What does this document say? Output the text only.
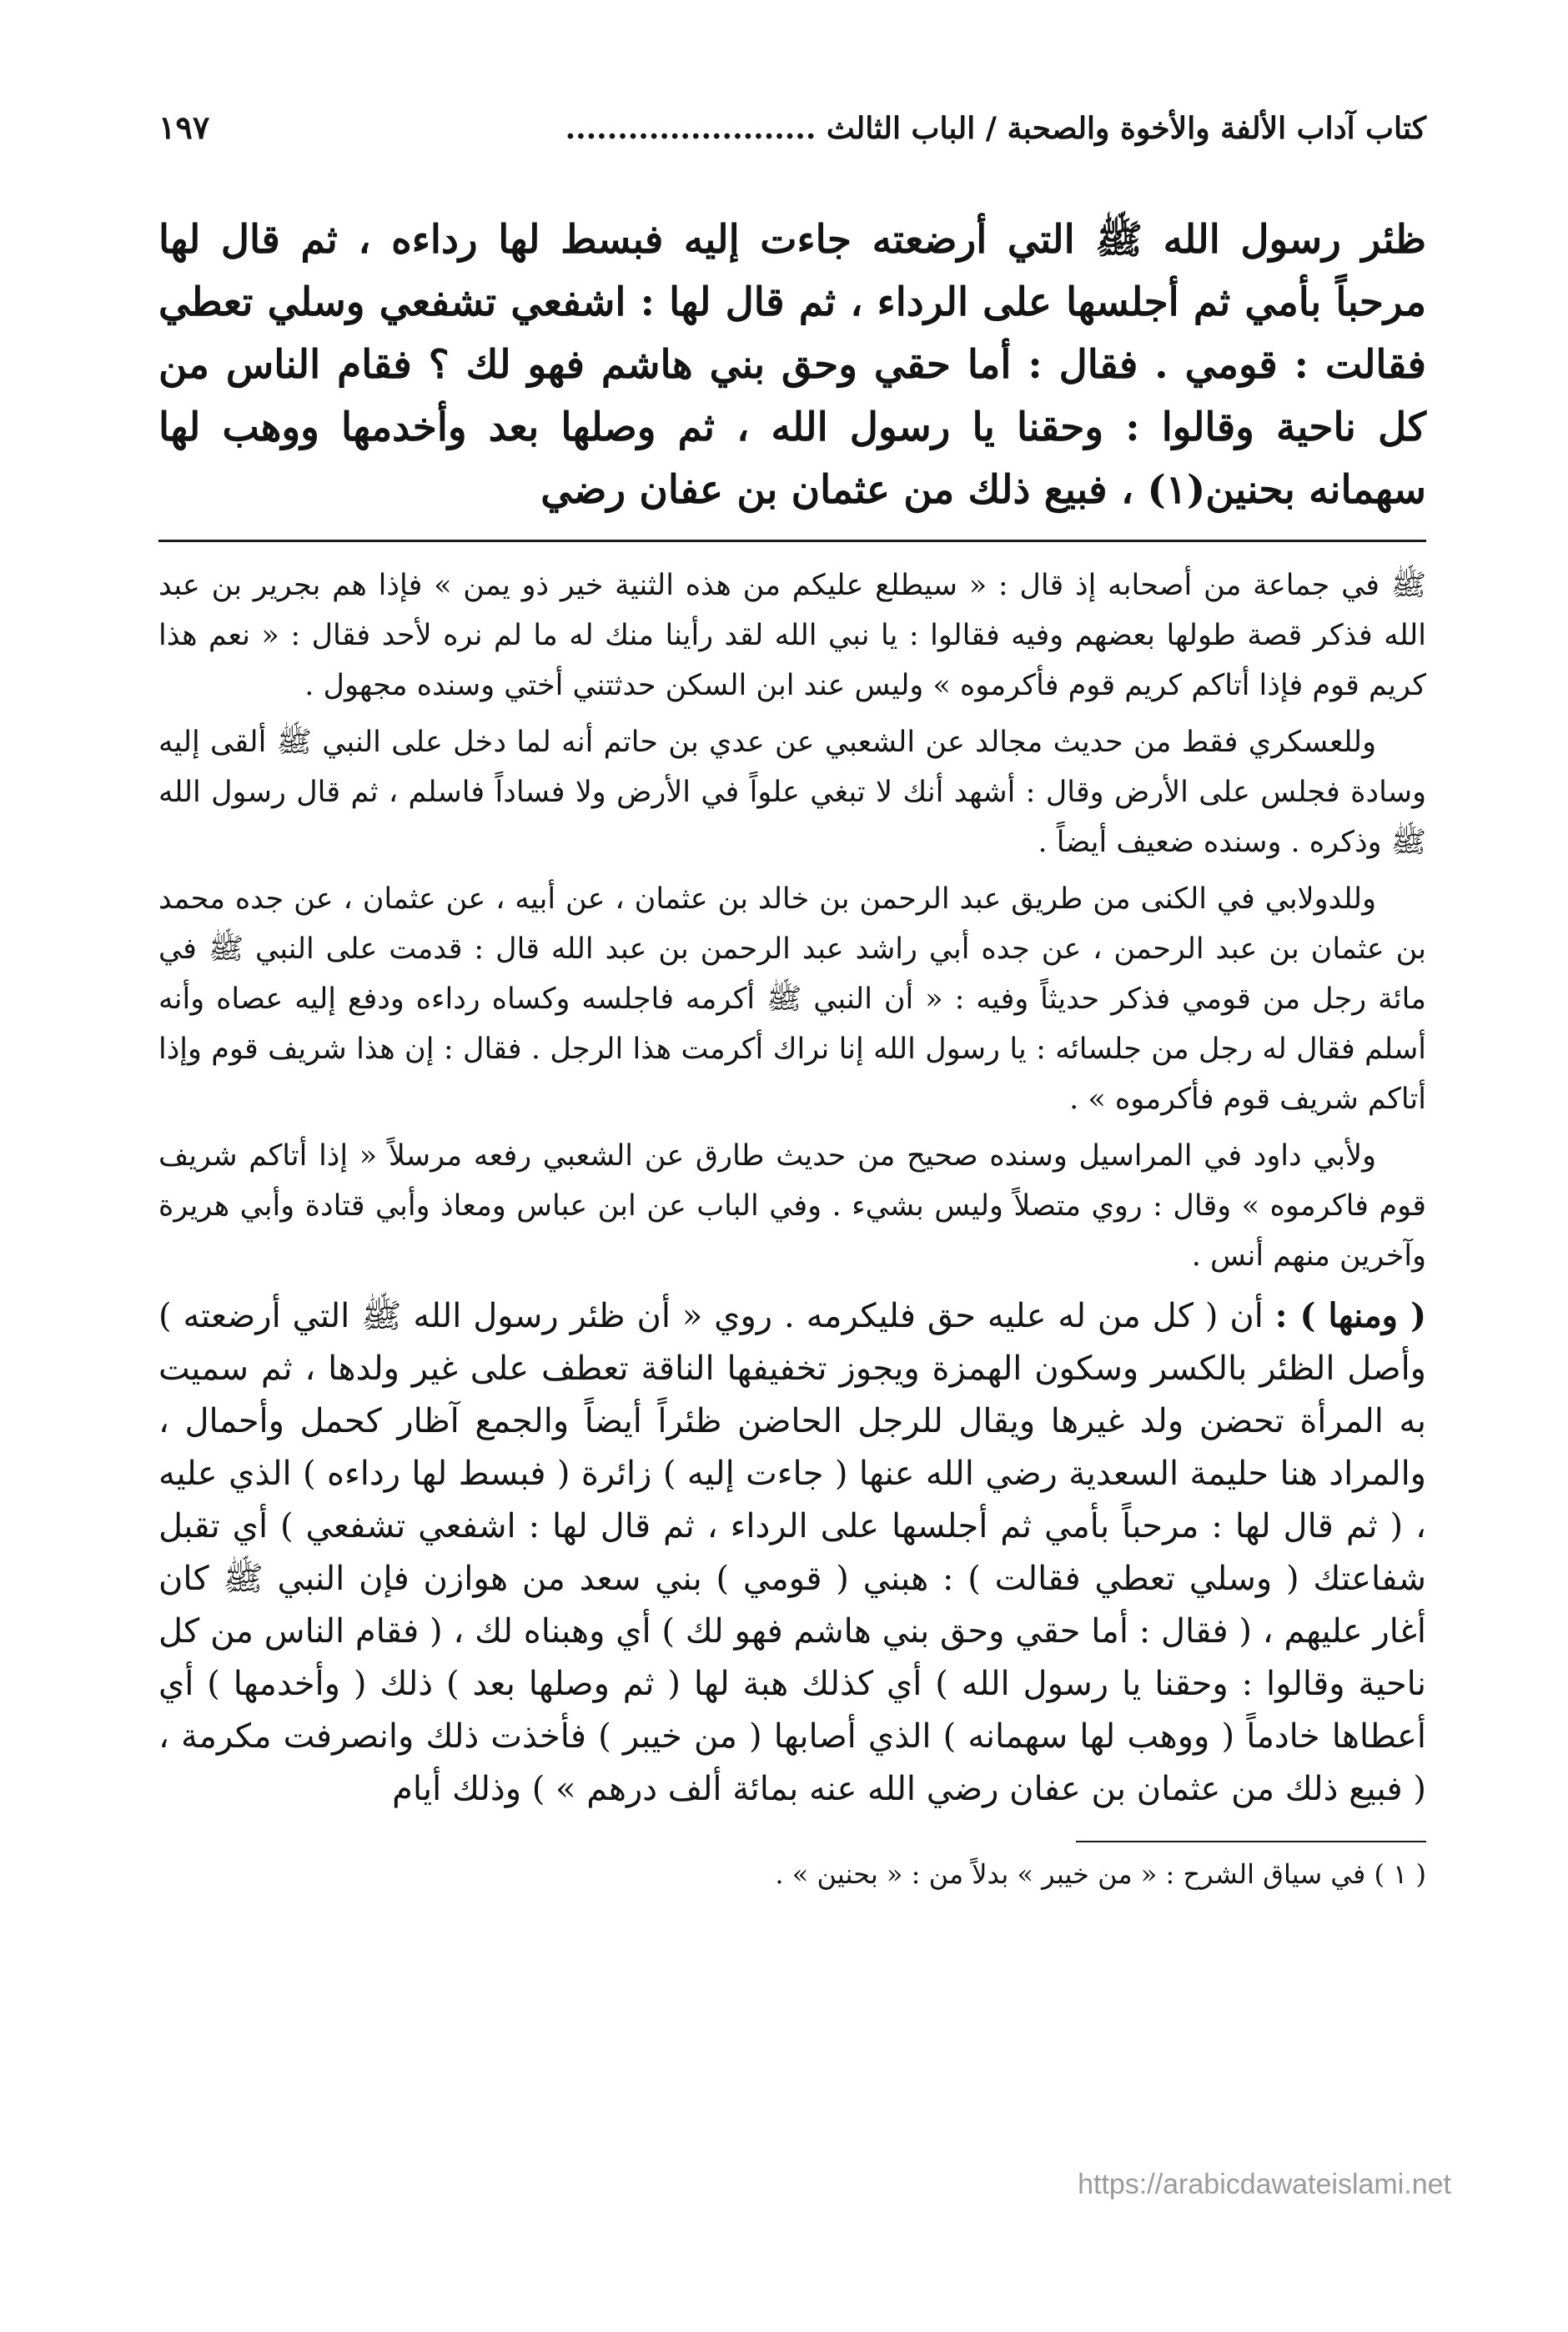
كتاب آداب الألفة والأخوة والصحبة / الباب الثالث ........................
١٩٧
ظئر رسول الله ﷺ التي أرضعته جاءت إليه فبسط لها رداءه ، ثم قال لها مرحباً بأمي ثم أجلسها على الرداء ، ثم قال لها : اشفعي تشفعي وسلي تعطي فقالت : قومي . فقال : أما حقي وحق بني هاشم فهو لك ؟ فقام الناس من كل ناحية وقالوا : وحقنا يا رسول الله ، ثم وصلها بعد وأخدمها ووهب لها سهمانه بحنين(١) ، فبيع ذلك من عثمان بن عفان رضي

ﷺ في جماعة من أصحابه إذ قال : « سيطلع عليكم من هذه الثنية خير ذو يمن » فإذا هم بجرير بن عبد الله فذكر قصة طولها بعضهم وفيه فقالوا : يا نبي الله لقد رأينا منك له ما لم نره لأحد فقال : « نعم هذا كريم قوم فإذا أتاكم كريم قوم فأكرموه » وليس عند ابن السكن حدثتني أختي وسنده مجهول .

وللعسكري فقط من حديث مجالد عن الشعبي عن عدي بن حاتم أنه لما دخل على النبي ﷺ ألقى إليه وسادة فجلس على الأرض وقال : أشهد أنك لا تبغي علواً في الأرض ولا فساداً فاسلم ، ثم قال رسول الله ﷺ وذكره . وسنده ضعيف أيضاً .

وللدولابي في الكنى من طريق عبد الرحمن بن خالد بن عثمان ، عن أبيه ، عن عثمان ، عن جده محمد بن عثمان بن عبد الرحمن ، عن جده أبي راشد عبد الرحمن بن عبد الله قال : قدمت على النبي ﷺ في مائة رجل من قومي فذكر حديثاً وفيه : « أن النبي ﷺ أكرمه فاجلسه وكساه رداءه ودفع إليه عصاه وأنه أسلم فقال له رجل من جلسائه : يا رسول الله إنا نراك أكرمت هذا الرجل . فقال : إن هذا شريف قوم وإذا أتاكم شريف قوم فأكرموه » .

ولأبي داود في المراسيل وسنده صحيح من حديث طارق عن الشعبي رفعه مرسلاً « إذا أتاكم شريف قوم فاكرموه » وقال : روي متصلاً وليس بشيء . وفي الباب عن ابن عباس ومعاذ وأبي قتادة وأبي هريرة وآخرين منهم أنس .

( ومنها ) : أن ( كل من له عليه حق فليكرمه . روي « أن ظئر رسول الله ﷺ التي أرضعته ) وأصل الظئر بالكسر وسكون الهمزة ويجوز تخفيفها الناقة تعطف على غير ولدها ، ثم سميت به المرأة تحضن ولد غيرها ويقال للرجل الحاضن ظئراً أيضاً والجمع آظار كحمل وأحمال ، والمراد هنا حليمة السعدية رضي الله عنها ( جاءت إليه ) زائرة ( فبسط لها رداءه ) الذي عليه ، ( ثم قال لها : مرحباً بأمي ثم أجلسها على الرداء ، ثم قال لها : اشفعي تشفعي ) أي تقبل شفاعتك ( وسلي تعطي فقالت ) : هبني ( قومي ) بني سعد من هوازن فإن النبي ﷺ كان أغار عليهم ، ( فقال : أما حقي وحق بني هاشم فهو لك ) أي وهبناه لك ، ( فقام الناس من كل ناحية وقالوا : وحقنا يا رسول الله ) أي كذلك هبة لها ( ثم وصلها بعد ) ذلك ( وأخدمها ) أي أعطاها خادماً ( ووهب لها سهمانه ) الذي أصابها ( من خيبر ) فأخذت ذلك وانصرفت مكرمة ، ( فبيع ذلك من عثمان بن عفان رضي الله عنه بمائة ألف درهم » ) وذلك أيام
( ١ ) في سياق الشرح : « من خيبر » بدلاً من : « بحنين » .
https://arabicdawateislami.net
